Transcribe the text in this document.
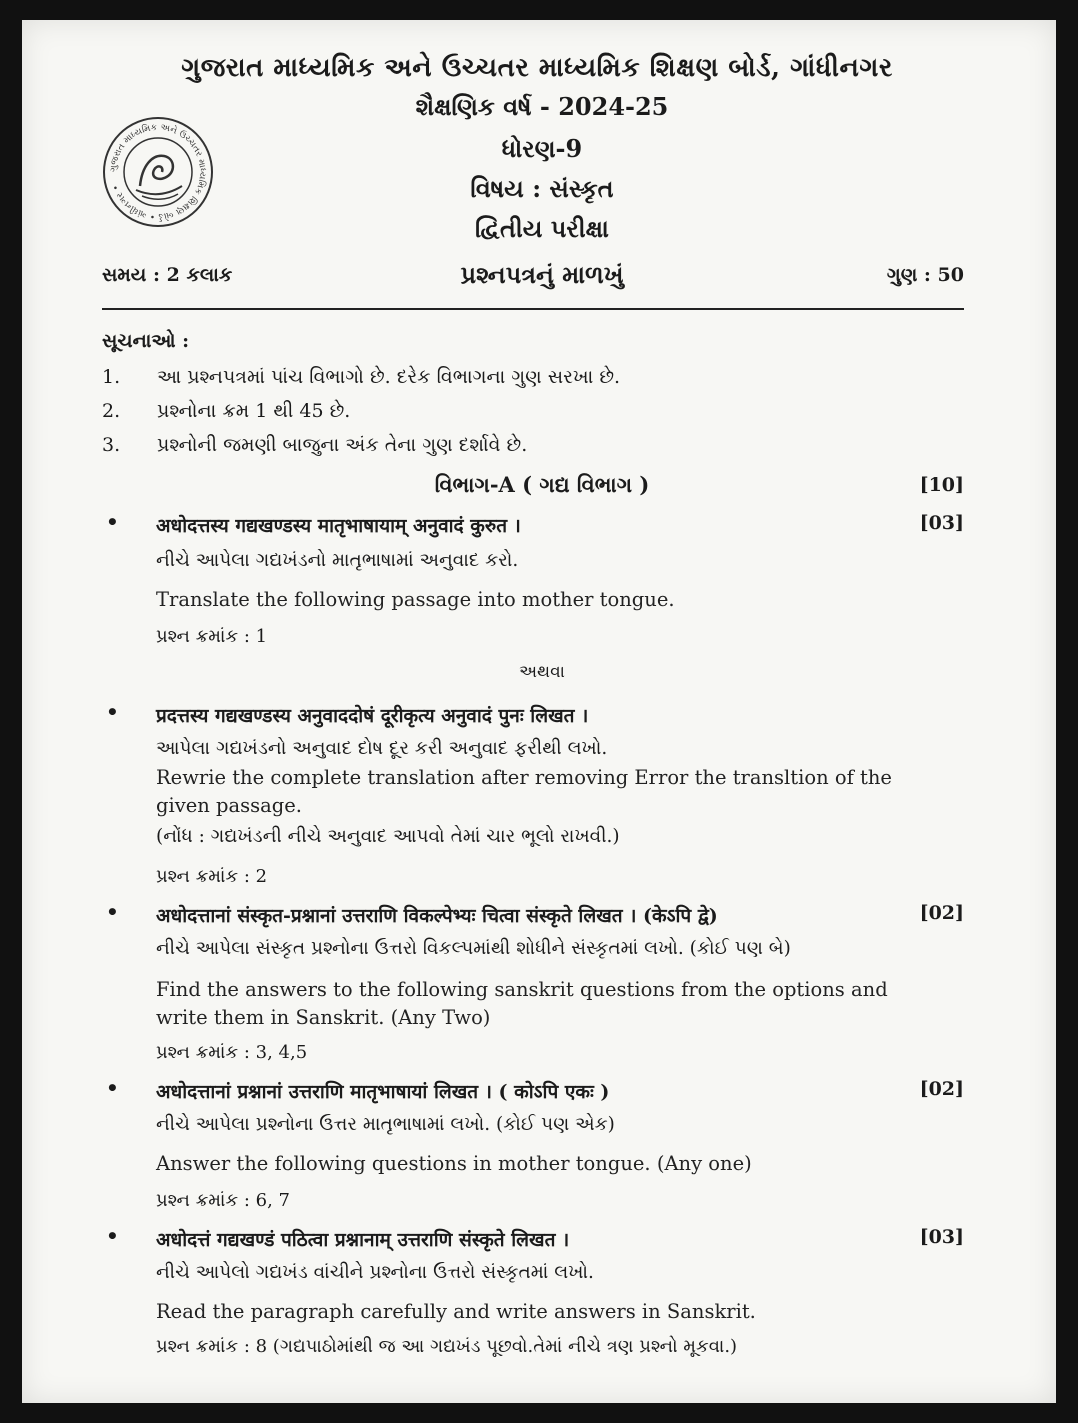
ગુજરાત માધ્યમિક અને ઉચ્ચતર માધ્યમિક શિક્ષણ બોર્ડ, ગાંધીનગર
શૈક્ષણિક વર્ષ - 2024-25
ધોરણ-9
વિષય : સંસ્કૃત
દ્વિતીય પરીક્ષા
ગુજરાત માધ્યમિક અને ઉચ્ચતર માધ્યમિક શિક્ષણ બોર્ડ • ગાંધીનગર •
સમય : 2 કલાક	પ્રશ્નપત્રનું માળખું	ગુણ : 50
સૂચનાઓ :
1.	આ પ્રશ્નપત્રમાં પાંચ વિભાગો છે. દરેક વિભાગના ગુણ સરખા છે.
2.	પ્રશ્નોના ક્રમ 1 થી 45 છે.
3.	પ્રશ્નોની જમણી બાજુના અંક તેના ગુણ દર્શાવે છે.
વિભાગ-A ( ગદ્ય વિભાગ )	[10]
• अधोदत्तस्य गद्यखण्डस्य मातृभाषायाम् अनुवादं कुरुत ।	[03]
નીચે આપેલા ગદ્યખંડનો માતૃભાષામાં અનુવાદ કરો.
Translate the following passage into mother tongue.
પ્રશ્ન ક્રમાંક : 1
અથવા
• प्रदत्तस्य गद्यखण्डस्य अनुवाददोषं दूरीकृत्य अनुवादं पुनः लिखत ।
આપેલા ગદ્યખંડનો અનુવાદ દોષ દૂર કરી અનુવાદ ફરીથી લખો.
Rewrie the complete translation after removing Error the transltion of the
given passage.
(નોંધ : ગદ્યખંડની નીચે અનુવાદ આપવો તેમાં ચાર ભૂલો રાખવી.)
પ્રશ્ન ક્રમાંક : 2
• अधोदत्तानां संस्कृत-प्रश्नानां उत्तराणि विकल्पेभ्यः चित्वा संस्कृते लिखत । (केऽपि द्वे)	[02]
નીચે આપેલા સંસ્કૃત પ્રશ્નોના ઉત્તરો વિકલ્પમાંથી શોધીને સંસ્કૃતમાં લખો. (કોઈ પણ બે)
Find the answers to the following sanskrit questions from the options and
write them in Sanskrit. (Any Two)
પ્રશ્ન ક્રમાંક : 3, 4,5
• अधोदत्तानां प्रश्नानां उत्तराणि मातृभाषायां लिखत । ( कोऽपि एकः )	[02]
નીચે આપેલા પ્રશ્નોના ઉત્તર માતૃભાષામાં લખો. (કોઈ પણ એક)
Answer the following questions in mother tongue. (Any one)
પ્રશ્ન ક્રમાંક : 6, 7
• अधोदत्तं गद्यखण्डं पठित्वा प्रश्नानाम् उत्तराणि संस्कृते लिखत ।	[03]
નીચે આપેલો ગદ્યખંડ વાંચીને પ્રશ્નોના ઉત્તરો સંસ્કૃતમાં લખો.
Read the paragraph carefully and write answers in Sanskrit.
પ્રશ્ન ક્રમાંક : 8 (ગદ્યપાઠોમાંથી જ આ ગદ્યખંડ પૂછવો.તેમાં નીચે ત્રણ પ્રશ્નો મૂકવા.)
